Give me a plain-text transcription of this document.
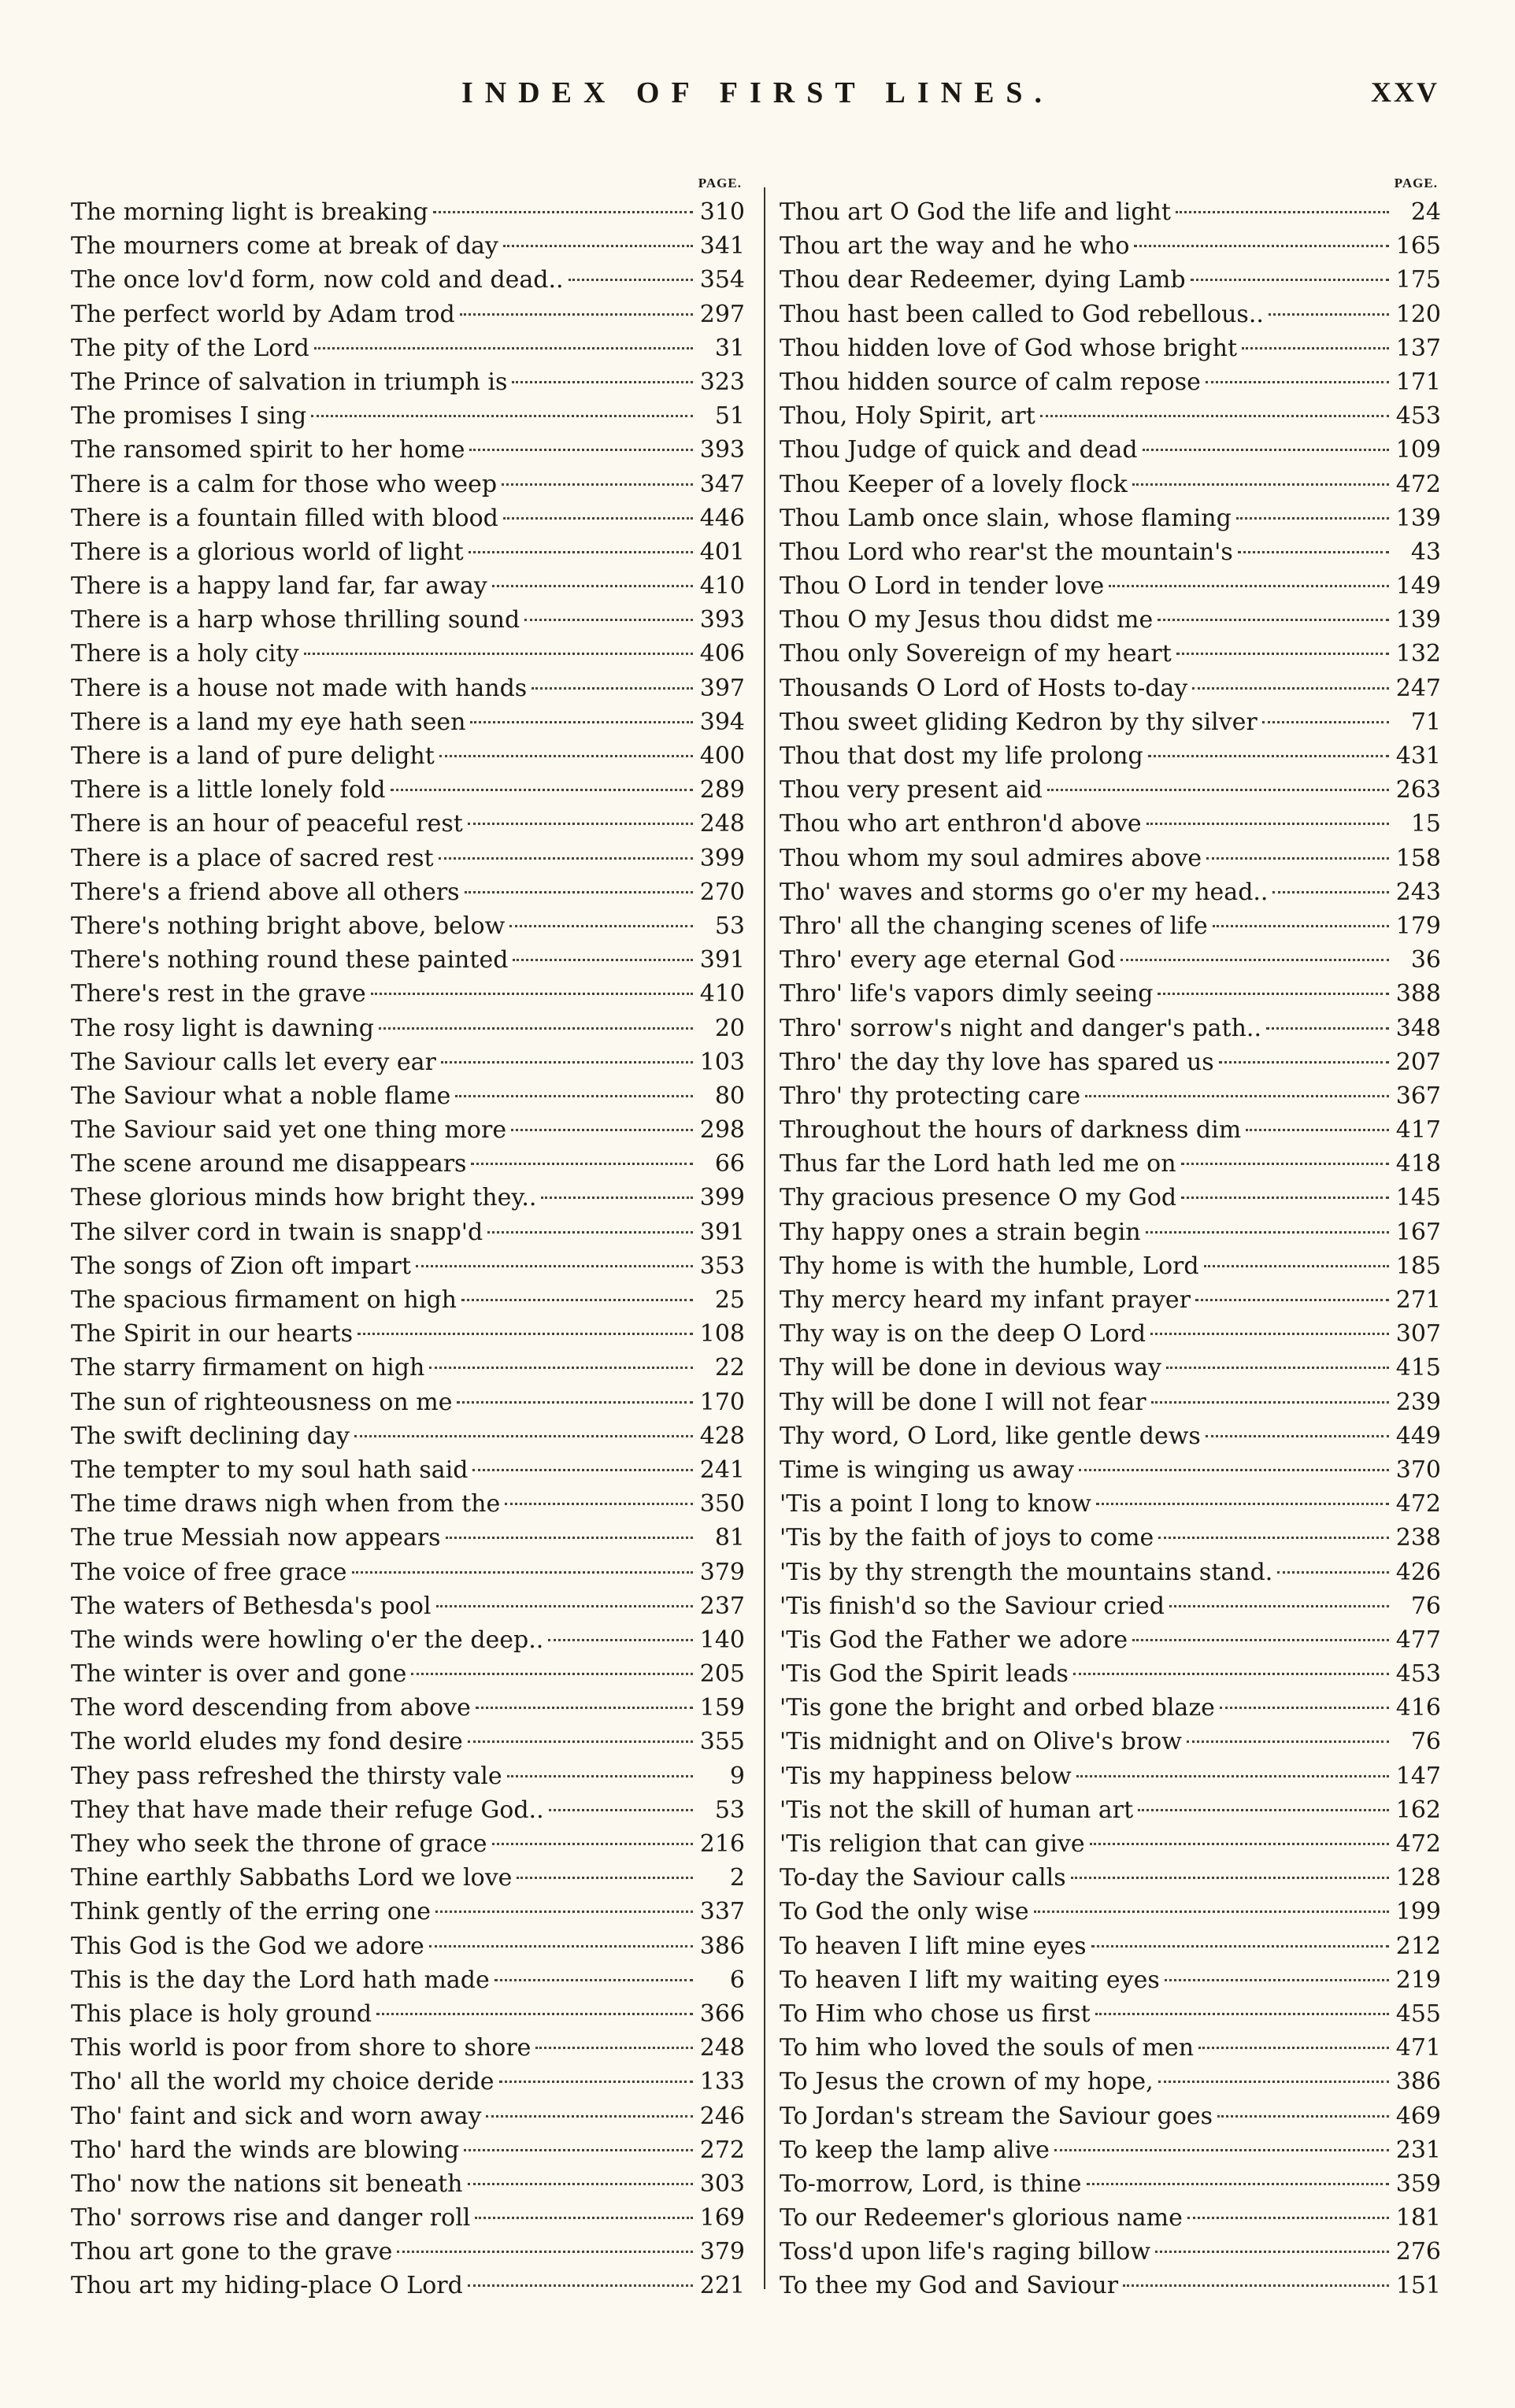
INDEX OF FIRST LINES.	XXV
PAGE.
The morning light is breaking	310
The mourners come at break of day	341
The once lov'd form, now cold and dead..	354
The perfect world by Adam trod	297
The pity of the Lord	31
The Prince of salvation in triumph is	323
The promises I sing	51
The ransomed spirit to her home	393
There is a calm for those who weep	347
There is a fountain filled with blood	446
There is a glorious world of light	401
There is a happy land far, far away	410
There is a harp whose thrilling sound	393
There is a holy city	406
There is a house not made with hands	397
There is a land my eye hath seen	394
There is a land of pure delight	400
There is a little lonely fold	289
There is an hour of peaceful rest	248
There is a place of sacred rest	399
There's a friend above all others	270
There's nothing bright above, below	53
There's nothing round these painted	391
There's rest in the grave	410
The rosy light is dawning	20
The Saviour calls let every ear	103
The Saviour what a noble flame	80
The Saviour said yet one thing more	298
The scene around me disappears	66
These glorious minds how bright they..	399
The silver cord in twain is snapp'd	391
The songs of Zion oft impart	353
The spacious firmament on high	25
The Spirit in our hearts	108
The starry firmament on high	22
The sun of righteousness on me	170
The swift declining day	428
The tempter to my soul hath said	241
The time draws nigh when from the	350
The true Messiah now appears	81
The voice of free grace	379
The waters of Bethesda's pool	237
The winds were howling o'er the deep..	140
The winter is over and gone	205
The word descending from above	159
The world eludes my fond desire	355
They pass refreshed the thirsty vale	9
They that have made their refuge God..	53
They who seek the throne of grace	216
Thine earthly Sabbaths Lord we love	2
Think gently of the erring one	337
This God is the God we adore	386
This is the day the Lord hath made	6
This place is holy ground	366
This world is poor from shore to shore	248
Tho' all the world my choice deride	133
Tho' faint and sick and worn away	246
Tho' hard the winds are blowing	272
Tho' now the nations sit beneath	303
Tho' sorrows rise and danger roll	169
Thou art gone to the grave	379
Thou art my hiding-place O Lord	221
PAGE.
Thou art O God the life and light	24
Thou art the way and he who	165
Thou dear Redeemer, dying Lamb	175
Thou hast been called to God rebellous..	120
Thou hidden love of God whose bright	137
Thou hidden source of calm repose	171
Thou, Holy Spirit, art	453
Thou Judge of quick and dead	109
Thou Keeper of a lovely flock	472
Thou Lamb once slain, whose flaming	139
Thou Lord who rear'st the mountain's	43
Thou O Lord in tender love	149
Thou O my Jesus thou didst me	139
Thou only Sovereign of my heart	132
Thousands O Lord of Hosts to-day	247
Thou sweet gliding Kedron by thy silver	71
Thou that dost my life prolong	431
Thou very present aid	263
Thou who art enthron'd above	15
Thou whom my soul admires above	158
Tho' waves and storms go o'er my head..	243
Thro' all the changing scenes of life	179
Thro' every age eternal God	36
Thro' life's vapors dimly seeing	388
Thro' sorrow's night and danger's path..	348
Thro' the day thy love has spared us	207
Thro' thy protecting care	367
Throughout the hours of darkness dim	417
Thus far the Lord hath led me on	418
Thy gracious presence O my God	145
Thy happy ones a strain begin	167
Thy home is with the humble, Lord	185
Thy mercy heard my infant prayer	271
Thy way is on the deep O Lord	307
Thy will be done in devious way	415
Thy will be done I will not fear	239
Thy word, O Lord, like gentle dews	449
Time is winging us away	370
'Tis a point I long to know	472
'Tis by the faith of joys to come	238
'Tis by thy strength the mountains stand.	426
'Tis finish'd so the Saviour cried	76
'Tis God the Father we adore	477
'Tis God the Spirit leads	453
'Tis gone the bright and orbed blaze	416
'Tis midnight and on Olive's brow	76
'Tis my happiness below	147
'Tis not the skill of human art	162
'Tis religion that can give	472
To-day the Saviour calls	128
To God the only wise	199
To heaven I lift mine eyes	212
To heaven I lift my waiting eyes	219
To Him who chose us first	455
To him who loved the souls of men	471
To Jesus the crown of my hope,	386
To Jordan's stream the Saviour goes	469
To keep the lamp alive	231
To-morrow, Lord, is thine	359
To our Redeemer's glorious name	181
Toss'd upon life's raging billow	276
To thee my God and Saviour	151
